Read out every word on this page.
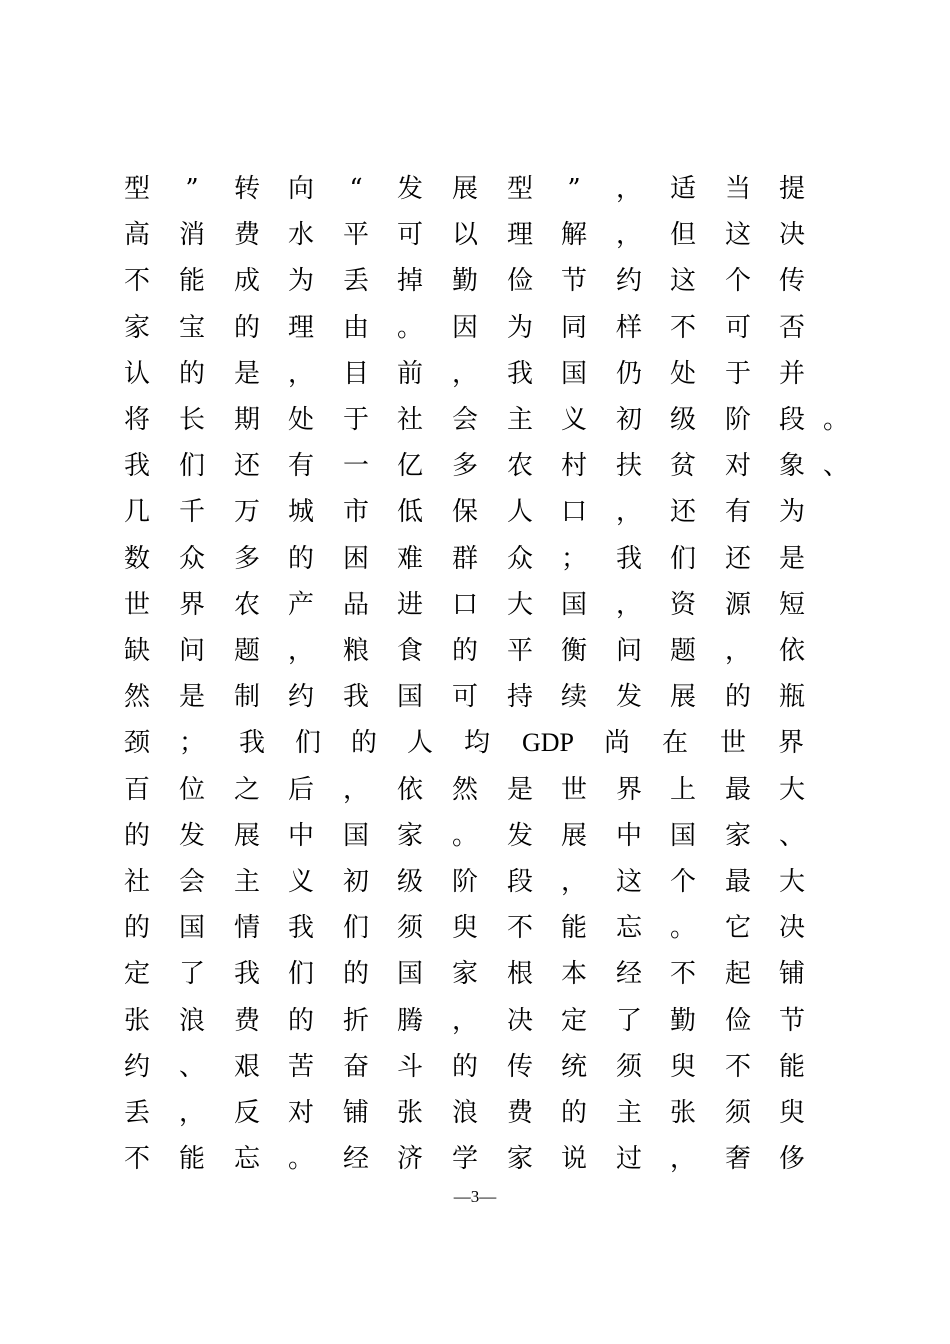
型	”	转	向	“	发	展	型	”	，	适	当	提
高	消	费	水	平	可	以	理	解	，	但	这	决
不	能	成	为	丢	掉	勤	俭	节	约	这	个	传
家	宝	的	理	由	。	因	为	同	样	不	可	否
认	的	是	，	目	前	，	我	国	仍	处	于	并
将	长	期	处	于	社	会	主	义	初	级	阶	段 。
我	们	还	有	一	亿	多	农	村	扶	贫	对	象 、
几	千	万	城	市	低	保	人	口	，	还	有	为
数	众	多	的	困	难	群	众	；	我	们	还	是
世	界	农	产	品	进	口	大	国	，	资	源	短
缺	问	题	，	粮	食	的	平	衡	问	题	，	依
然	是	制	约	我	国	可	持	续	发	展	的	瓶
颈	；	我	们	的	人	均	GDP	尚	在	世	界
百	位	之	后	，	依	然	是	世	界	上	最	大
的	发	展	中	国	家	。	发	展	中	国	家	、
社	会	主	义	初	级	阶	段	，	这	个	最	大
的	国	情	我	们	须	臾	不	能	忘	。	它	决
定	了	我	们	的	国	家	根	本	经	不	起	铺
张	浪	费	的	折	腾	，	决	定	了	勤	俭	节
约	、	艰	苦	奋	斗	的	传	统	须	臾	不	能
丢	，	反	对	铺	张	浪	费	的	主	张	须	臾
不	能	忘	。	经	济	学	家	说	过	，	奢	侈
—3—
